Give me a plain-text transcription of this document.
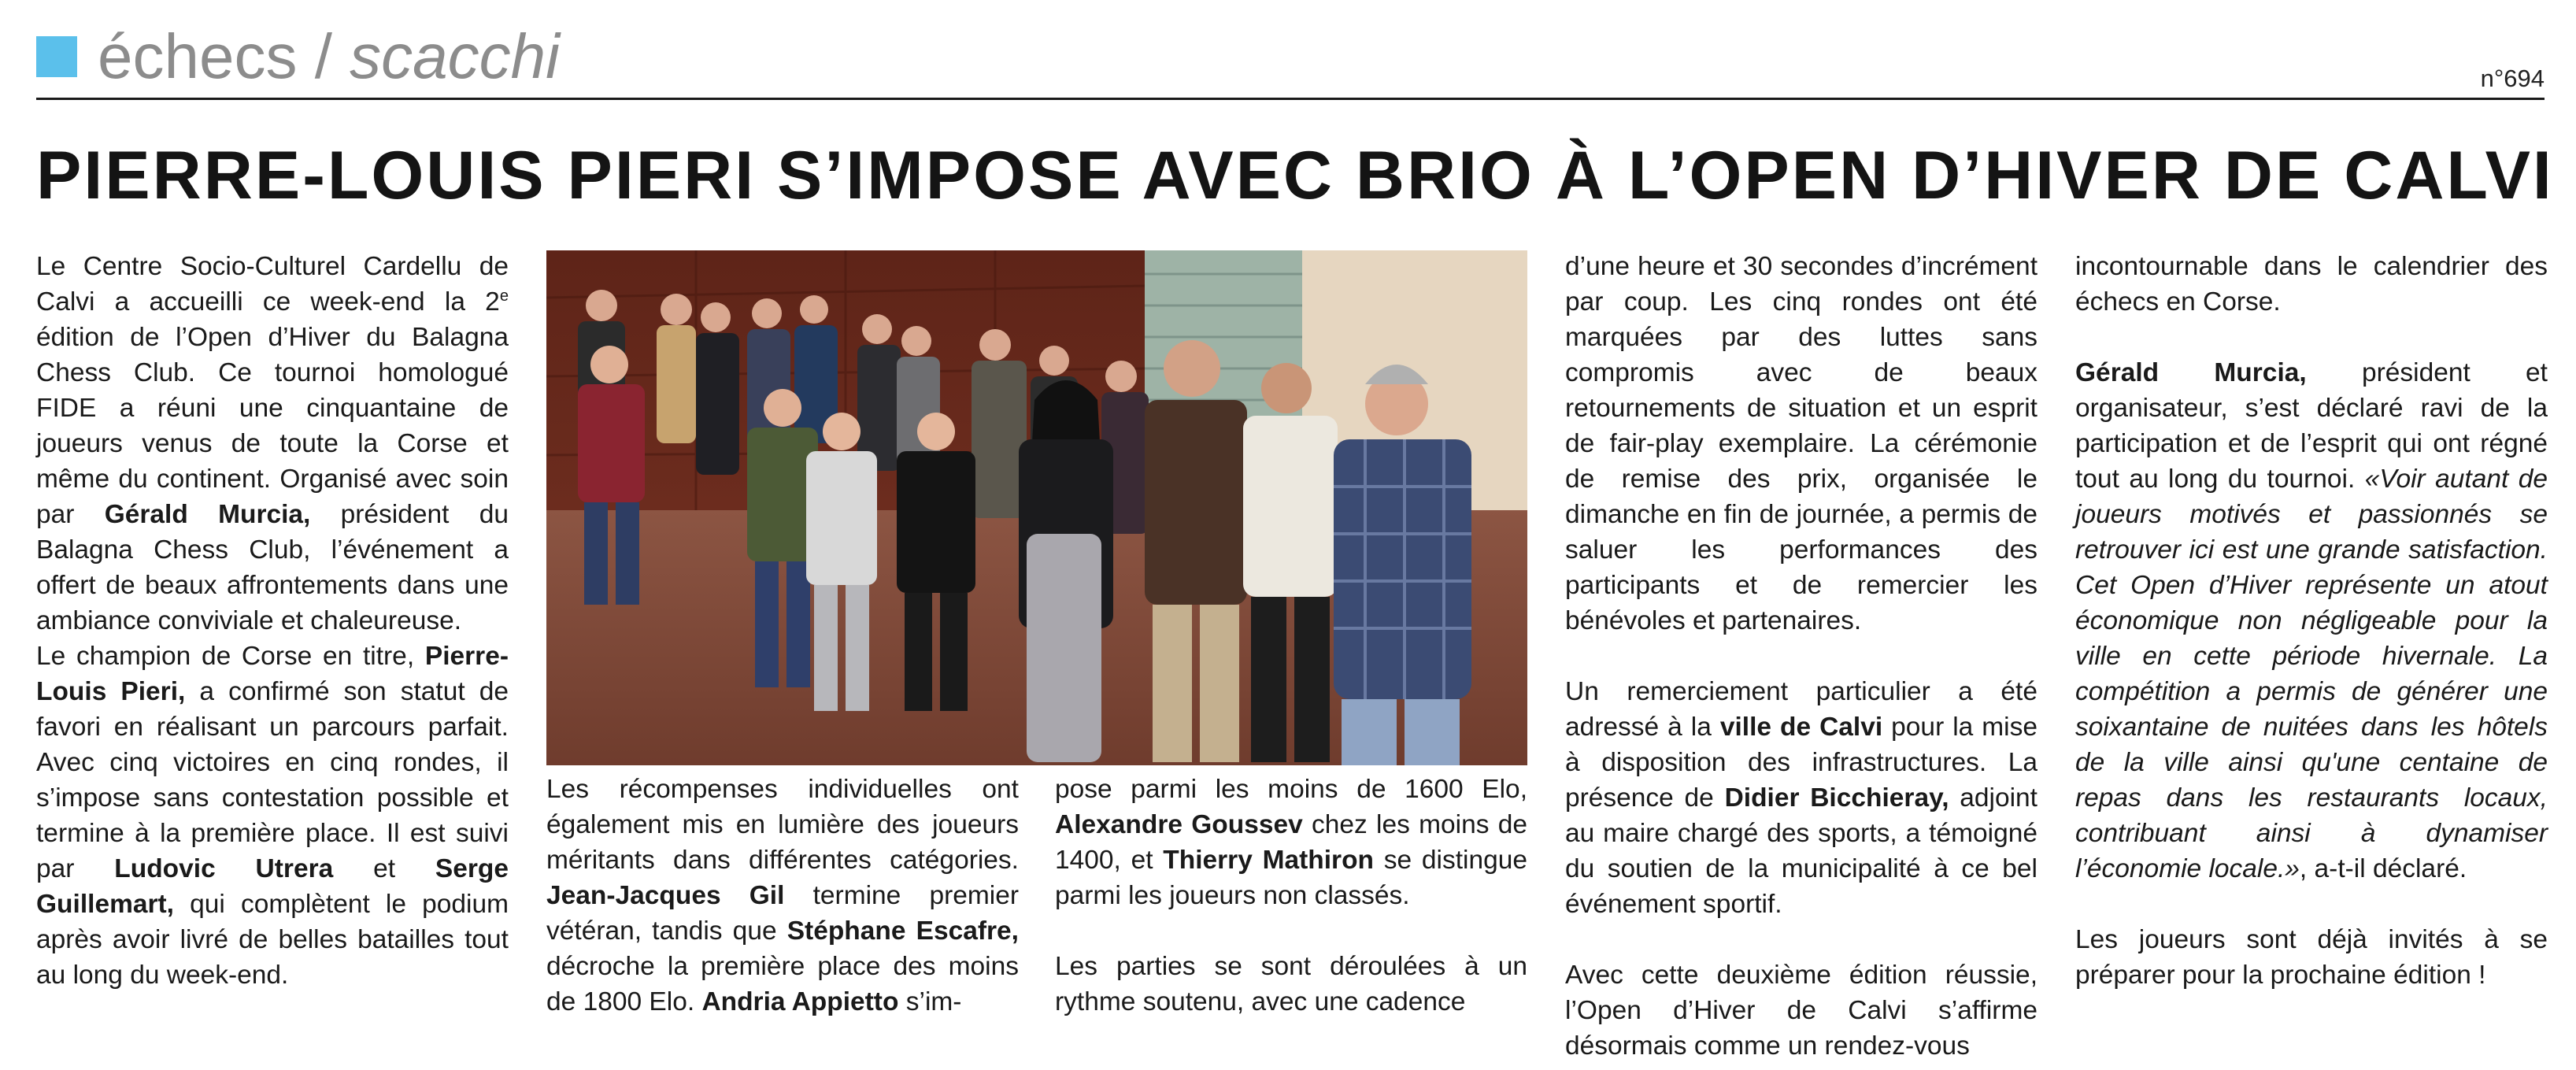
échecs / scacchi	n°694
PIERRE-LOUIS PIERI S’IMPOSE AVEC BRIO À L’OPEN D’HIVER DE CALVI

Le Centre Socio-Culturel Cardellu de Calvi a accueilli ce week-end la 2e édition de l’Open d’Hiver du Balagna Chess Club. Ce tournoi homologué FIDE a réuni une cinquantaine de joueurs venus de toute la Corse et même du continent. Organisé avec soin par Gérald Murcia, président du Balagna Chess Club, l’événement a offert de beaux affrontements dans une ambiance conviviale et chaleureuse.

Le champion de Corse en titre, Pierre-Louis Pieri, a confirmé son statut de favori en réalisant un parcours parfait. Avec cinq victoires en cinq rondes, il s’impose sans contestation possible et termine à la première place. Il est suivi par Ludovic Utrera et Serge Guillemart, qui complètent le podium après avoir livré de belles batailles tout au long du week-end.

Les récompenses individuelles ont également mis en lumière des joueurs méritants dans différentes catégories. Jean-Jacques Gil termine premier vétéran, tandis que Stéphane Escafre, décroche la première place des moins de 1800 Elo. Andria Appietto s’im-

pose parmi les moins de 1600 Elo, Alexandre Goussev chez les moins de 1400, et Thierry Mathiron se distingue parmi les joueurs non classés.

Les parties se sont déroulées à un rythme soutenu, avec une cadence

d’une heure et 30 secondes d’incrément par coup. Les cinq rondes ont été marquées par des luttes sans compromis avec de beaux retournements de situation et un esprit de fair-play exemplaire. La cérémonie de remise des prix, organisée le dimanche en fin de journée, a permis de saluer les performances des participants et de remercier les bénévoles et partenaires.

Un remerciement particulier a été adressé à la ville de Calvi pour la mise à disposition des infrastructures. La présence de Didier Bicchieray, adjoint au maire chargé des sports, a témoigné du soutien de la municipalité à ce bel événement sportif.

Avec cette deuxième édition réussie, l’Open d’Hiver de Calvi s’affirme désormais comme un rendez-vous

incontournable dans le calendrier des échecs en Corse.

Gérald Murcia, président et organisateur, s’est déclaré ravi de la participation et de l’esprit qui ont régné tout au long du tournoi. «Voir autant de joueurs motivés et passionnés se retrouver ici est une grande satisfaction. Cet Open d’Hiver représente un atout économique non négligeable pour la ville en cette période hivernale. La compétition a permis de générer une soixantaine de nuitées dans les hôtels de la ville ainsi qu'une centaine de repas dans les restaurants locaux, contribuant ainsi à dynamiser l’économie locale.», a-t-il déclaré.

Les joueurs sont déjà invités à se préparer pour la prochaine édition !
